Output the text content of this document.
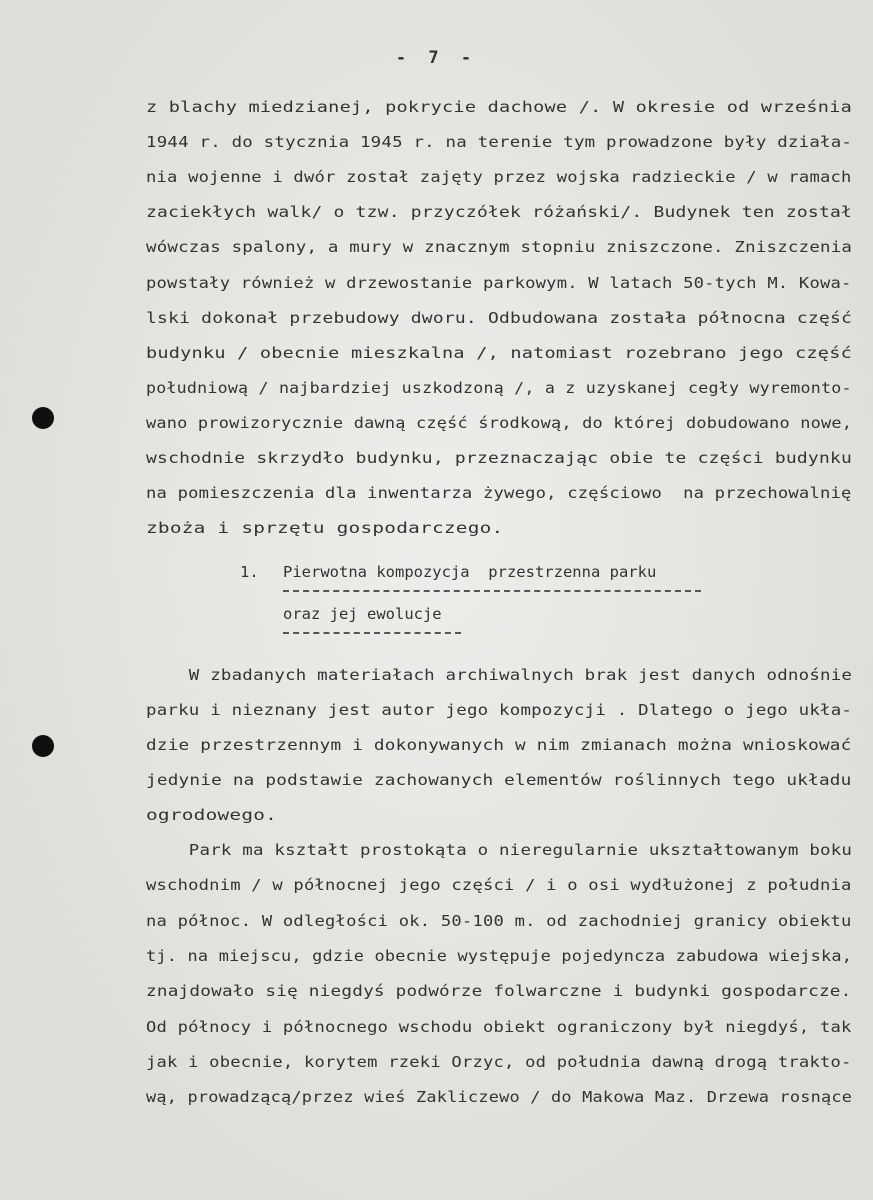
- 7 -
z blachy miedzianej, pokrycie dachowe /. W okresie od września
1944 r. do stycznia 1945 r. na terenie tym prowadzone były działa-
nia wojenne i dwór został zajęty przez wojska radzieckie / w ramach
zaciekłych walk/ o tzw. przyczółek różański/. Budynek ten został
wówczas spalony, a mury w znacznym stopniu zniszczone. Zniszczenia
powstały również w drzewostanie parkowym. W latach 50-tych M. Kowa-
lski dokonał przebudowy dworu. Odbudowana została północna część
budynku / obecnie mieszkalna /, natomiast rozebrano jego część
południową / najbardziej uszkodzoną /, a z uzyskanej cegły wyremonto-
wano prowizorycznie dawną część środkową, do której dobudowano nowe,
wschodnie skrzydło budynku, przeznaczając obie te części budynku
na pomieszczenia dla inwentarza żywego, częściowo  na przechowalnię
zboża i sprzętu gospodarczego.
1. Pierwotna kompozycja  przestrzenna parku
oraz jej ewolucje
W zbadanych materiałach archiwalnych brak jest danych odnośnie
parku i nieznany jest autor jego kompozycji . Dlatego o jego ukła-
dzie przestrzennym i dokonywanych w nim zmianach można wnioskować
jedynie na podstawie zachowanych elementów roślinnych tego układu
ogrodowego.
Park ma kształt prostokąta o nieregularnie ukształtowanym boku
wschodnim / w północnej jego części / i o osi wydłużonej z południa
na północ. W odległości ok. 50-100 m. od zachodniej granicy obiektu
tj. na miejscu, gdzie obecnie występuje pojedyncza zabudowa wiejska,
znajdowało się niegdyś podwórze folwarczne i budynki gospodarcze.
Od północy i północnego wschodu obiekt ograniczony był niegdyś, tak
jak i obecnie, korytem rzeki Orzyc, od południa dawną drogą trakto-
wą, prowadzącą/przez wieś Zakliczewo / do Makowa Maz. Drzewa rosnące
